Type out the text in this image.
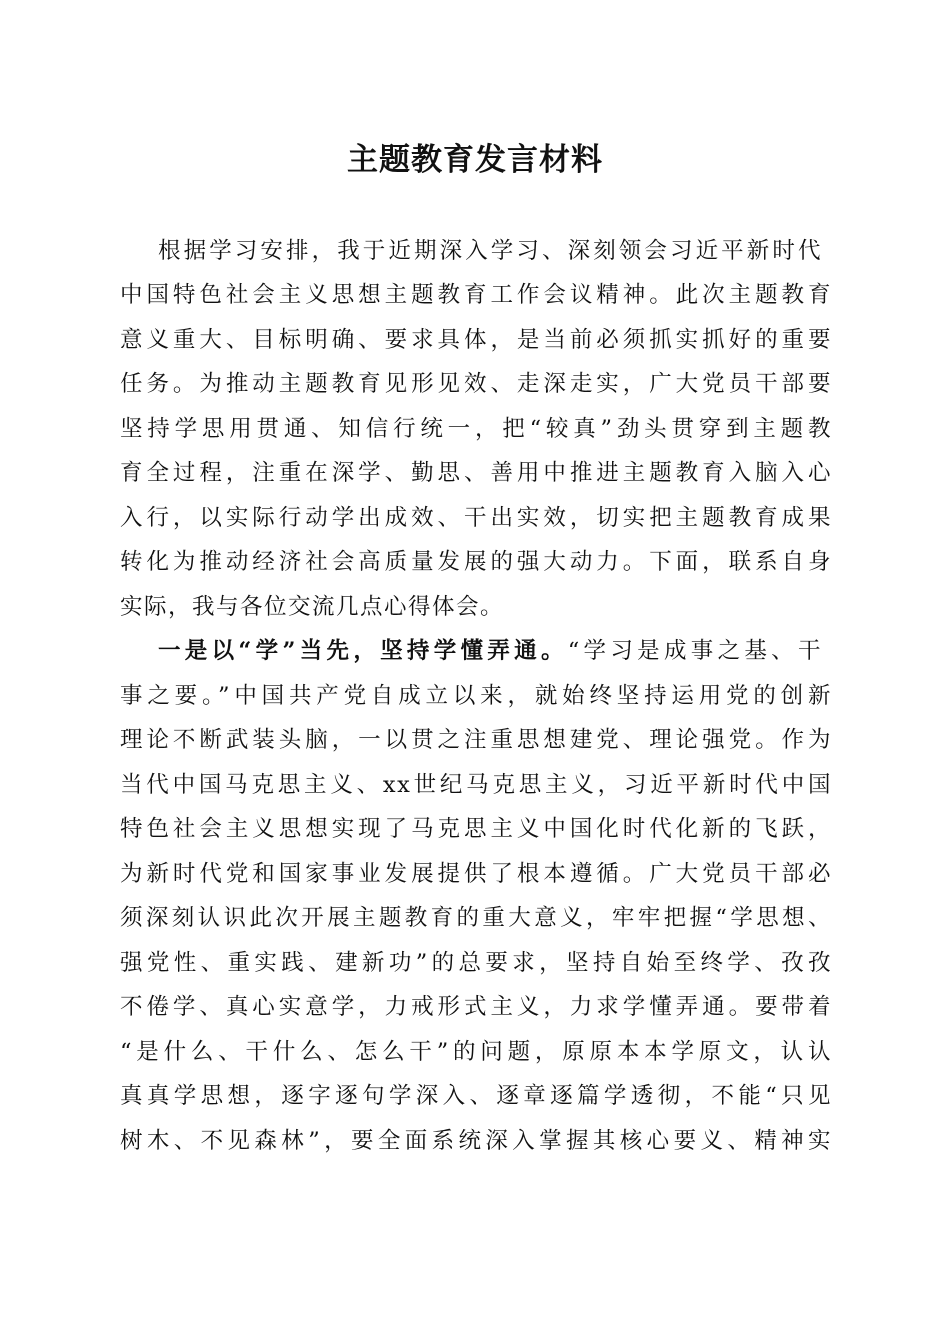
主题教育发言材料
根据学习安排，我于近期深入学习、深刻领会习近平新时代
中国特色社会主义思想主题教育工作会议精神。此次主题教育
意义重大、目标明确、要求具体，是当前必须抓实抓好的重要
任务。为推动主题教育见形见效、走深走实，广大党员干部要
坚持学思用贯通、知信行统一，把“较真”劲头贯穿到主题教
育全过程，注重在深学、勤思、善用中推进主题教育入脑入心
入行，以实际行动学出成效、干出实效，切实把主题教育成果
转化为推动经济社会高质量发展的强大动力。下面，联系自身
实际，我与各位交流几点心得体会。
一是以“学”当先，坚持学懂弄通。“学习是成事之基、干
事之要。”中国共产党自成立以来，就始终坚持运用党的创新
理论不断武装头脑，一以贯之注重思想建党、理论强党。作为
当代中国马克思主义、xx世纪马克思主义，习近平新时代中国
特色社会主义思想实现了马克思主义中国化时代化新的飞跃，
为新时代党和国家事业发展提供了根本遵循。广大党员干部必
须深刻认识此次开展主题教育的重大意义，牢牢把握“学思想、
强党性、重实践、建新功”的总要求，坚持自始至终学、孜孜
不倦学、真心实意学，力戒形式主义，力求学懂弄通。要带着
“是什么、干什么、怎么干”的问题，原原本本学原文，认认
真真学思想，逐字逐句学深入、逐章逐篇学透彻，不能“只见
树木、不见森林”，要全面系统深入掌握其核心要义、精神实
